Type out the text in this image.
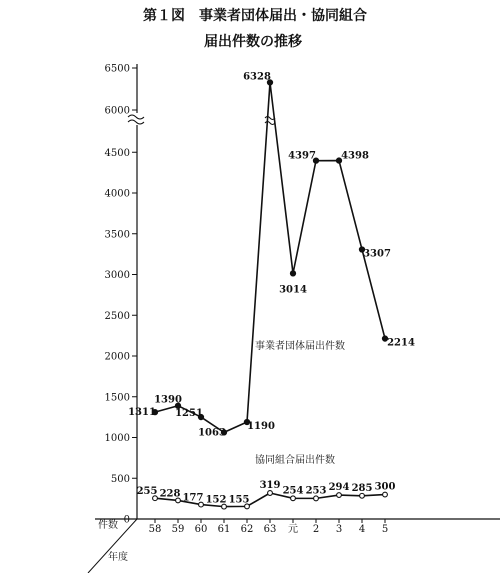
第１図　事業者団体届出・協同組合
届出件数の推移
0
500
1000
1500
2000
2500
3000
3500
4000
4500
6000
6500
58 59 60 61 62 63 元 2 3 4 5
1311
1390
1251
1063
1190
6328
3014
4397	4398
3307
2214
255 228 177 152 155
319 254 253 294 285 300
件数
年度
事業者団体届出件数
協同組合届出件数
